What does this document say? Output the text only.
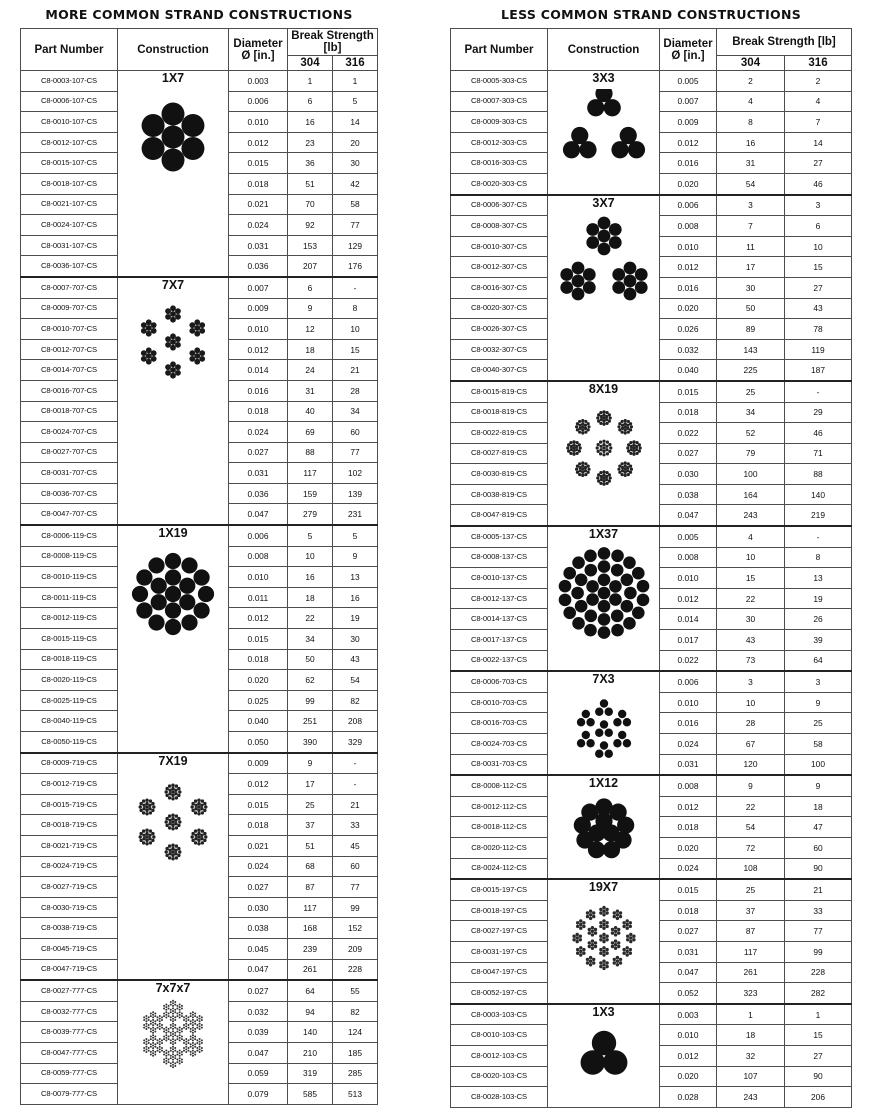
MORE COMMON STRAND CONSTRUCTIONS
Part Number	Construction	Diameter Ø [in.]	Break Strength [lb]	
			304	316
C8-0003-107-CS	1X7	0.003	1	1
C8-0006-107-CS		0.006	6	5
C8-0010-107-CS		0.010	16	14
C8-0012-107-CS		0.012	23	20
C8-0015-107-CS		0.015	36	30
C8-0018-107-CS		0.018	51	42
C8-0021-107-CS		0.021	70	58
C8-0024-107-CS		0.024	92	77
C8-0031-107-CS		0.031	153	129
C8-0036-107-CS		0.036	207	176
C8-0007-707-CS	7X7	0.007	6	-
C8-0009-707-CS		0.009	9	8
C8-0010-707-CS		0.010	12	10
C8-0012-707-CS		0.012	18	15
C8-0014-707-CS		0.014	24	21
C8-0016-707-CS		0.016	31	28
C8-0018-707-CS		0.018	40	34
C8-0024-707-CS		0.024	69	60
C8-0027-707-CS		0.027	88	77
C8-0031-707-CS		0.031	117	102
C8-0036-707-CS		0.036	159	139
C8-0047-707-CS		0.047	279	231
C8-0006-119-CS	1X19	0.006	5	5
C8-0008-119-CS		0.008	10	9
C8-0010-119-CS		0.010	16	13
C8-0011-119-CS		0.011	18	16
C8-0012-119-CS		0.012	22	19
C8-0015-119-CS		0.015	34	30
C8-0018-119-CS		0.018	50	43
C8-0020-119-CS		0.020	62	54
C8-0025-119-CS		0.025	99	82
C8-0040-119-CS		0.040	251	208
C8-0050-119-CS		0.050	390	329
C8-0009-719-CS	7X19	0.009	9	-
C8-0012-719-CS		0.012	17	-
C8-0015-719-CS		0.015	25	21
C8-0018-719-CS		0.018	37	33
C8-0021-719-CS		0.021	51	45
C8-0024-719-CS		0.024	68	60
C8-0027-719-CS		0.027	87	77
C8-0030-719-CS		0.030	117	99
C8-0038-719-CS		0.038	168	152
C8-0045-719-CS		0.045	239	209
C8-0047-719-CS		0.047	261	228
C8-0027-777-CS	7x7x7	0.027	64	55
C8-0032-777-CS		0.032	94	82
C8-0039-777-CS		0.039	140	124
C8-0047-777-CS		0.047	210	185
C8-0059-777-CS		0.059	319	285
C8-0079-777-CS		0.079	585	513
LESS COMMON STRAND CONSTRUCTIONS
Part Number	Construction	Diameter Ø [in.]	Break Strength [lb]	
			304	316
C8-0005-303-CS	3X3	0.005	2	2
C8-0007-303-CS		0.007	4	4
C8-0009-303-CS		0.009	8	7
C8-0012-303-CS		0.012	16	14
C8-0016-303-CS		0.016	31	27
C8-0020-303-CS		0.020	54	46
C8-0006-307-CS	3X7	0.006	3	3
C8-0008-307-CS		0.008	7	6
C8-0010-307-CS		0.010	11	10
C8-0012-307-CS		0.012	17	15
C8-0016-307-CS		0.016	30	27
C8-0020-307-CS		0.020	50	43
C8-0026-307-CS		0.026	89	78
C8-0032-307-CS		0.032	143	119
C8-0040-307-CS		0.040	225	187
C8-0015-819-CS	8X19	0.015	25	-
C8-0018-819-CS		0.018	34	29
C8-0022-819-CS		0.022	52	46
C8-0027-819-CS		0.027	79	71
C8-0030-819-CS		0.030	100	88
C8-0038-819-CS		0.038	164	140
C8-0047-819-CS		0.047	243	219
C8-0005-137-CS	1X37	0.005	4	-
C8-0008-137-CS		0.008	10	8
C8-0010-137-CS		0.010	15	13
C8-0012-137-CS		0.012	22	19
C8-0014-137-CS		0.014	30	26
C8-0017-137-CS		0.017	43	39
C8-0022-137-CS		0.022	73	64
C8-0006-703-CS	7X3	0.006	3	3
C8-0010-703-CS		0.010	10	9
C8-0016-703-CS		0.016	28	25
C8-0024-703-CS		0.024	67	58
C8-0031-703-CS		0.031	120	100
C8-0008-112-CS	1X12	0.008	9	9
C8-0012-112-CS		0.012	22	18
C8-0018-112-CS		0.018	54	47
C8-0020-112-CS		0.020	72	60
C8-0024-112-CS		0.024	108	90
C8-0015-197-CS	19X7	0.015	25	21
C8-0018-197-CS		0.018	37	33
C8-0027-197-CS		0.027	87	77
C8-0031-197-CS		0.031	117	99
C8-0047-197-CS		0.047	261	228
C8-0052-197-CS		0.052	323	282
C8-0003-103-CS	1X3	0.003	1	1
C8-0010-103-CS		0.010	18	15
C8-0012-103-CS		0.012	32	27
C8-0020-103-CS		0.020	107	90
C8-0028-103-CS		0.028	243	206
